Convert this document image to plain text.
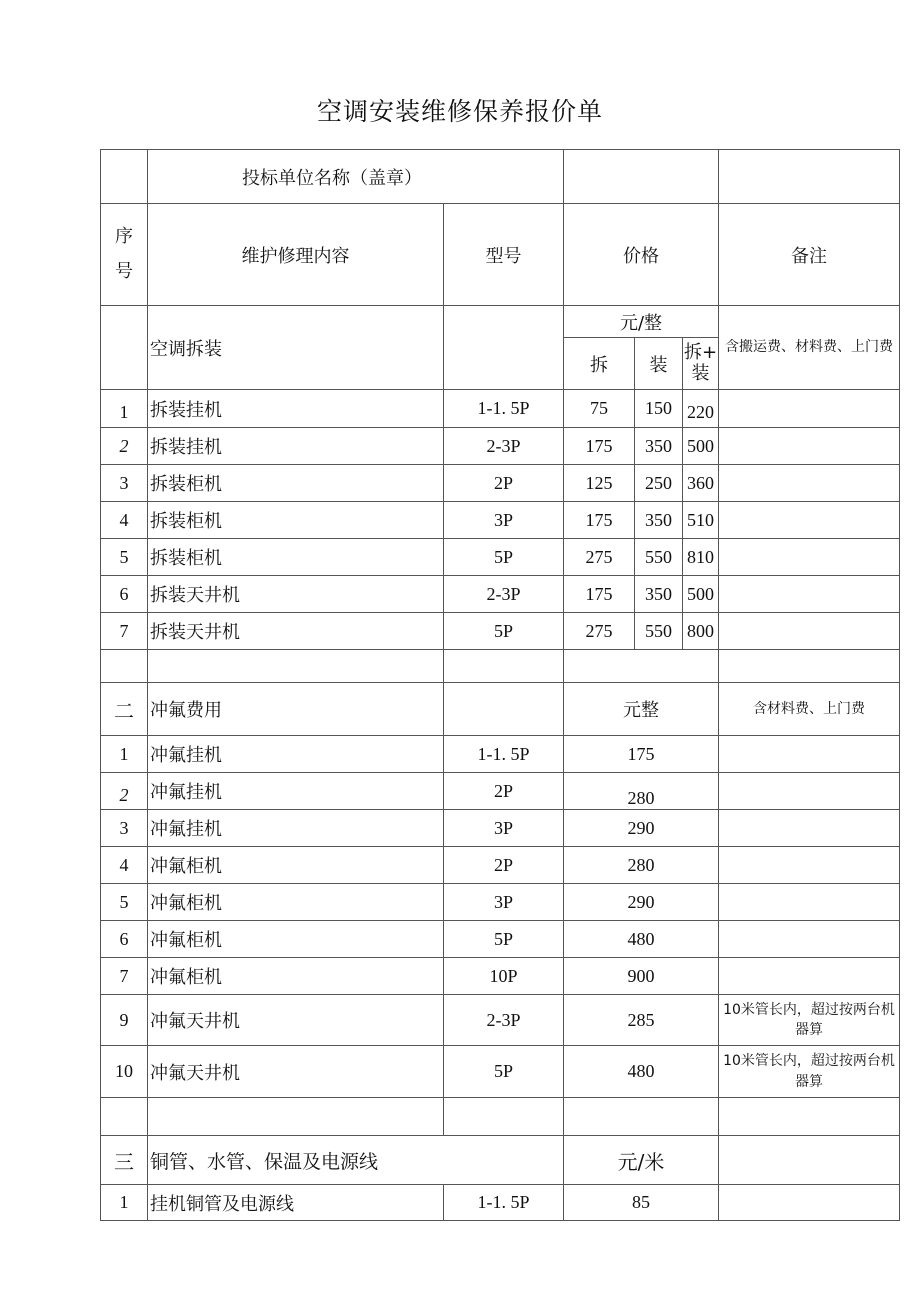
空调安装维修保养报价单
	投标单位名称（盖章）					

序
号	维护修理内容	型号	价格			备注
	空调拆装		元/整			含搬运费、材料费、上门费
			拆	装	拆+
装	

1	拆装挂机	1-1. 5P	75	150	220	
2	拆装挂机	2-3P	175	350	500	
3	拆装柜机	2P	125	250	360	
4	拆装柜机	3P	175	350	510	
5	拆装柜机	5P	275	550	810	
6	拆装天井机	2-3P	175	350	500	
7	拆装天井机	5P	275	550	800	

二	冲氟费用		元整			含材料费、上门费
1	冲氟挂机	1-1. 5P	175			
2	冲氟挂机	2P	280			
3	冲氟挂机	3P	290			
4	冲氟柜机	2P	280			
5	冲氟柜机	3P	290			
6	冲氟柜机	5P	480			
7	冲氟柜机	10P	900			
9	冲氟天井机	2-3P	285			10米管长内，超过按两台机器算
10	冲氟天井机	5P	480			10米管长内，超过按两台机器算

三	铜管、水管、保温及电源线		元/米			
1	挂机铜管及电源线	1-1. 5P	85			
